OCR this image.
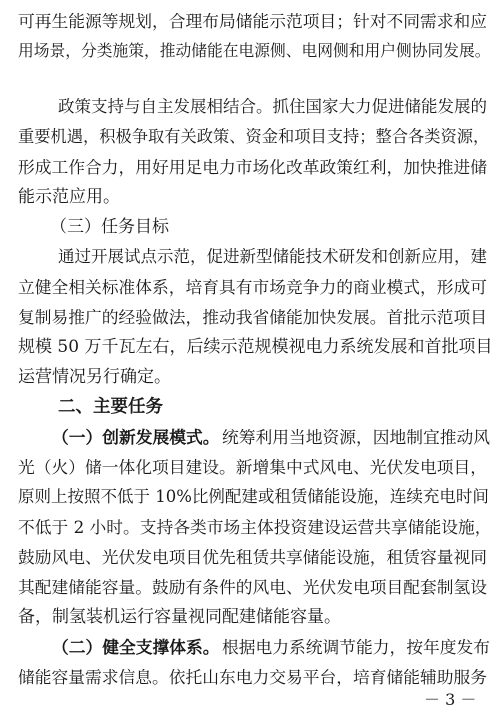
可再生能源等规划，合理布局储能示范项目；针对不同需求和应
用场景，分类施策，推动储能在电源侧、电网侧和用户侧协同发展。
政策支持与自主发展相结合。抓住国家大力促进储能发展的
重要机遇，积极争取有关政策、资金和项目支持；整合各类资源，
形成工作合力，用好用足电力市场化改革政策红利，加快推进储
能示范应用。
（三）任务目标
通过开展试点示范，促进新型储能技术研发和创新应用，建
立健全相关标准体系，培育具有市场竞争力的商业模式，形成可
复制易推广的经验做法，推动我省储能加快发展。首批示范项目
规模 50 万千瓦左右，后续示范规模视电力系统发展和首批项目
运营情况另行确定。
二、主要任务
（一）创新发展模式。 统筹利用当地资源，因地制宜推动风
光（火）储一体化项目建设。新增集中式风电、光伏发电项目，
原则上按照不低于 10%比例配建或租赁储能设施，连续充电时间
不低于 2 小时。支持各类市场主体投资建设运营共享储能设施，
鼓励风电、光伏发电项目优先租赁共享储能设施，租赁容量视同
其配建储能容量。鼓励有条件的风电、光伏发电项目配套制氢设
备，制氢装机运行容量视同配建储能容量。
（二）健全支撑体系。 根据电力系统调节能力，按年度发布
储能容量需求信息。依托山东电力交易平台，培育储能辅助服务
－ 3 －
